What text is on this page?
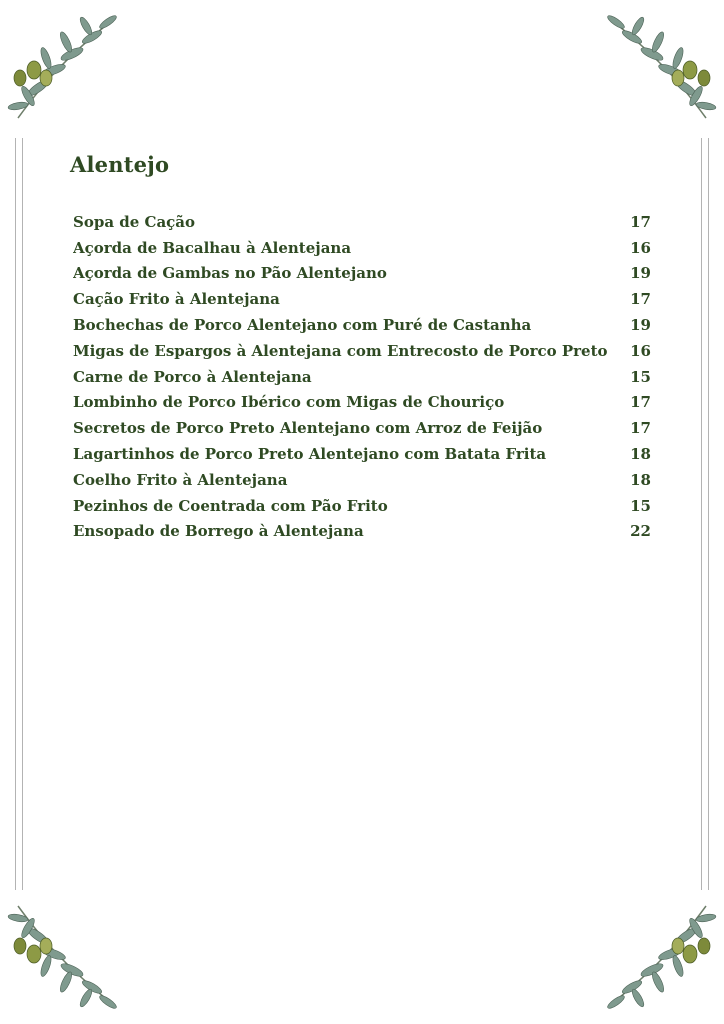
Alentejo
Sopa de Cação	17
Açorda de Bacalhau à Alentejana	16
Açorda de Gambas no Pão Alentejano	19
Cação Frito à Alentejana	17
Bochechas de Porco Alentejano com Puré de Castanha	19
Migas de Espargos à Alentejana com Entrecosto de Porco Preto	16
Carne de Porco à Alentejana	15
Lombinho de Porco Ibérico com Migas de Chouriço	17
Secretos de Porco Preto Alentejano com Arroz de Feijão	17
Lagartinhos de Porco Preto Alentejano com Batata Frita	18
Coelho Frito à Alentejana	18
Pezinhos de Coentrada com Pão Frito	15
Ensopado de Borrego à Alentejana	22
